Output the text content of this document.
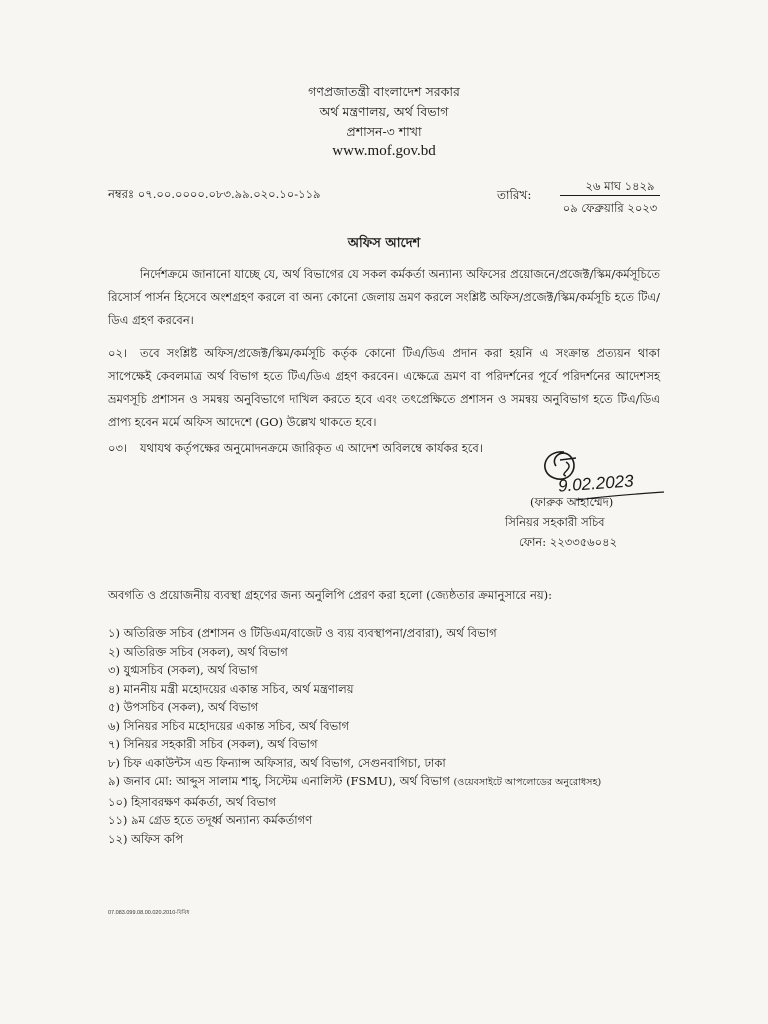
গণপ্রজাতন্ত্রী বাংলাদেশ সরকার
অর্থ মন্ত্রণালয়, অর্থ বিভাগ
প্রশাসন-৩ শাখা
www.mof.gov.bd
নম্বরঃ ০৭.০০.০০০০.০৮৩.৯৯.০২০.১০-১১৯	তারিখ:
২৬ মাঘ ১৪২৯
০৯ ফেব্রুয়ারি ২০২৩
অফিস আদেশ
নির্দেশক্রমে জানানো যাচ্ছে যে, অর্থ বিভাগের যে সকল কর্মকর্তা অন্যান্য অফিসের প্রয়োজনে/প্রজেক্ট/স্কিম/কর্মসূচিতে রিসোর্স পার্সন হিসেবে অংশগ্রহণ করলে বা অন্য কোনো জেলায় ভ্রমণ করলে সংশ্লিষ্ট অফিস/প্রজেক্ট/স্কিম/কর্মসূচি হতে টিএ/ডিএ গ্রহণ করবেন।
০২। তবে সংশ্লিষ্ট অফিস/প্রজেক্ট/স্কিম/কর্মসূচি কর্তৃক কোনো টিএ/ডিএ প্রদান করা হয়নি এ সংক্রান্ত প্রত্যয়ন থাকা সাপেক্ষেই কেবলমাত্র অর্থ বিভাগ হতে টিএ/ডিএ গ্রহণ করবেন। এক্ষেত্রে ভ্রমণ বা পরিদর্শনের পূর্বে পরিদর্শনের আদেশসহ ভ্রমণসূচি প্রশাসন ও সমন্বয় অনুবিভাগে দাখিল করতে হবে এবং তৎপ্রেক্ষিতে প্রশাসন ও সমন্বয় অনুবিভাগ হতে টিএ/ডিএ প্রাপ্য হবেন মর্মে অফিস আদেশে (GO) উল্লেখ থাকতে হবে।
০৩। যথাযথ কর্তৃপক্ষের অনুমোদনক্রমে জারিকৃত এ আদেশ অবিলম্বে কার্যকর হবে।
9.02.2023
(ফারুক আহাম্মেদ)
সিনিয়র সহকারী সচিব
ফোন: ২২৩৩৫৬০৪২
অবগতি ও প্রয়োজনীয় ব্যবস্থা গ্রহণের জন্য অনুলিপি প্রেরণ করা হলো (জ্যেষ্ঠতার ক্রমানুসারে নয়):
১) অতিরিক্ত সচিব (প্রশাসন ও টিডিএম/বাজেট ও ব্যয় ব্যবস্থাপনা/প্রবারা), অর্থ বিভাগ
২) অতিরিক্ত সচিব (সকল), অর্থ বিভাগ
৩) যুগ্মসচিব (সকল), অর্থ বিভাগ
৪) মাননীয় মন্ত্রী মহোদয়ের একান্ত সচিব, অর্থ মন্ত্রণালয়
৫) উপসচিব (সকল), অর্থ বিভাগ
৬) সিনিয়র সচিব মহোদয়ের একান্ত সচিব, অর্থ বিভাগ
৭) সিনিয়র সহকারী সচিব (সকল), অর্থ বিভাগ
৮) চিফ একাউন্টস এন্ড ফিন্যান্স অফিসার, অর্থ বিভাগ, সেগুনবাগিচা, ঢাকা
৯) জনাব মো: আব্দুস সালাম শাহ্‌, সিস্টেম এনালিস্ট (FSMU), অর্থ বিভাগ (ওয়েবসাইটে আপলোডের অনুরোধসহ)
১০) হিসাবরক্ষণ কর্মকর্তা, অর্থ বিভাগ
১১) ৯ম গ্রেড হতে তদূর্ধ্ব অন্যান্য কর্মকর্তাগণ
১২) অফিস কপি
07.083.099.08.00.020.2010-বিবিধ
